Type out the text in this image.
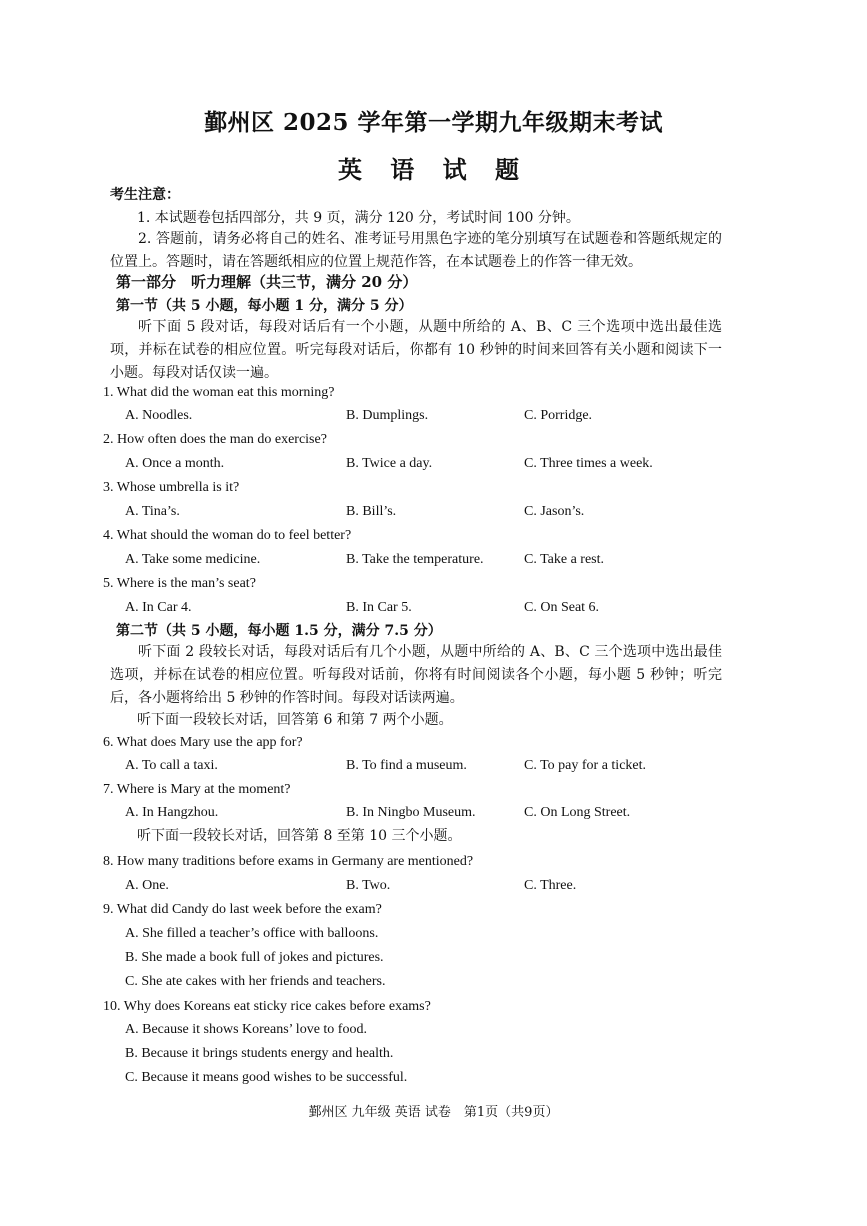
鄞州区 2025 学年第一学期九年级期末考试
英 语 试 题
考生注意：
1. 本试题卷包括四部分，共 9 页，满分 120 分，考试时间 100 分钟。
2. 答题前，请务必将自己的姓名、准考证号用黑色字迹的笔分别填写在试题卷和答题纸规定的位置上。答题时，请在答题纸相应的位置上规范作答，在本试题卷上的作答一律无效。
第一部分　听力理解（共三节，满分 20 分）
第一节（共 5 小题，每小题 1 分，满分 5 分）
听下面 5 段对话，每段对话后有一个小题，从题中所给的 A、B、C 三个选项中选出最佳选项，并标在试卷的相应位置。听完每段对话后，你都有 10 秒钟的时间来回答有关小题和阅读下一小题。每段对话仅读一遍。
1. What did the woman eat this morning?
A. Noodles.	B. Dumplings.	C. Porridge.
2. How often does the man do exercise?
A. Once a month.	B. Twice a day.	C. Three times a week.
3. Whose umbrella is it?
A. Tina’s.	B. Bill’s.	C. Jason’s.
4. What should the woman do to feel better?
A. Take some medicine.	B. Take the temperature.	C. Take a rest.
5. Where is the man’s seat?
A. In Car 4.	B. In Car 5.	C. On Seat 6.
第二节（共 5 小题，每小题 1.5 分，满分 7.5 分）
听下面 2 段较长对话，每段对话后有几个小题，从题中所给的 A、B、C 三个选项中选出最佳选项，并标在试卷的相应位置。听每段对话前，你将有时间阅读各个小题，每小题 5 秒钟；听完后，各小题将给出 5 秒钟的作答时间。每段对话读两遍。
听下面一段较长对话，回答第 6 和第 7 两个小题。
6. What does Mary use the app for?
A. To call a taxi.	B. To find a museum.	C. To pay for a ticket.
7. Where is Mary at the moment?
A. In Hangzhou.	B. In Ningbo Museum.	C. On Long Street.
听下面一段较长对话，回答第 8 至第 10 三个小题。
8. How many traditions before exams in Germany are mentioned?
A. One.	B. Two.	C. Three.
9. What did Candy do last week before the exam?
A. She filled a teacher’s office with balloons.
B. She made a book full of jokes and pictures.
C. She ate cakes with her friends and teachers.
10. Why does Koreans eat sticky rice cakes before exams?
A. Because it shows Koreans’ love to food.
B. Because it brings students energy and health.
C. Because it means good wishes to be successful.
鄞州区 九年级 英语 试卷　第1页（共9页）
